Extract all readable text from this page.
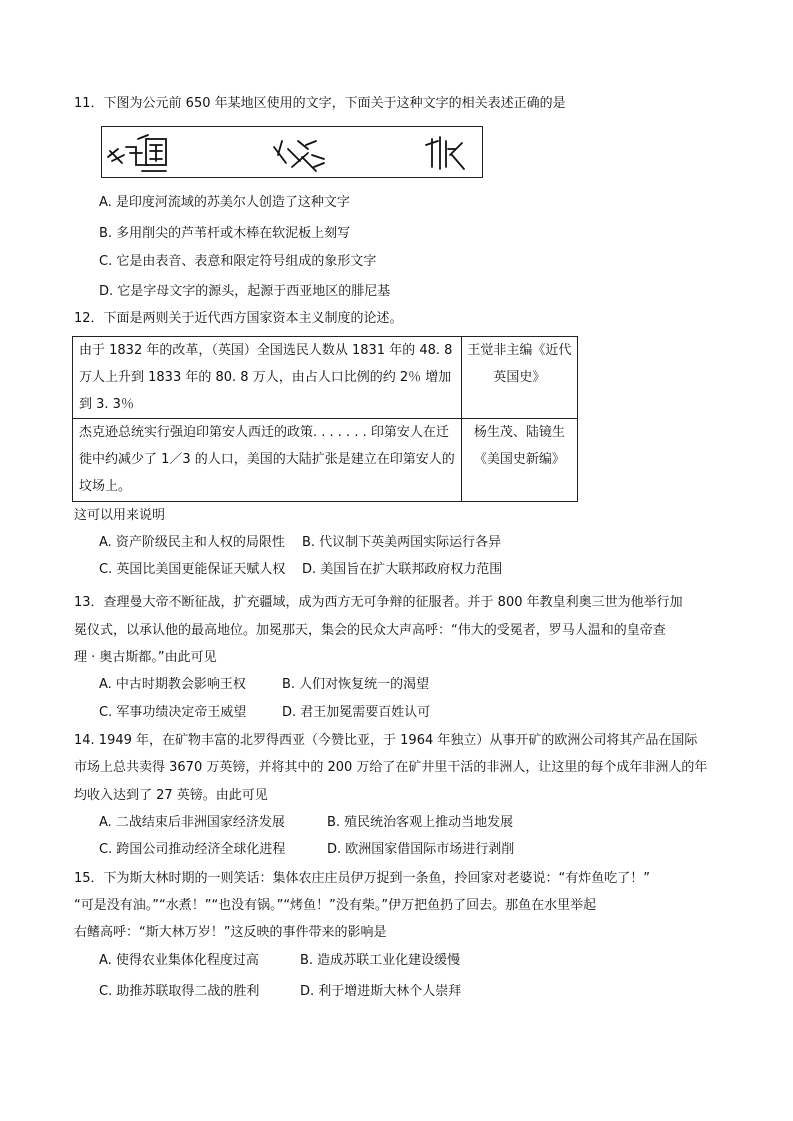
11．下图为公元前 650 年某地区使用的文字，下面关于这种文字的相关表述正确的是
A. 是印度河流域的苏美尔人创造了这种文字
B. 多用削尖的芦苇杆或木棒在软泥板上刻写
C. 它是由表音、表意和限定符号组成的象形文字
D. 它是字母文字的源头，起源于西亚地区的腓尼基
12．下面是两则关于近代西方国家资本主义制度的论述。
由于 1832 年的改革，（英国）全国选民人数从 1831 年的 48. 8 万人上升到 1833 年的 80. 8 万人，由占人口比例的约 2％ 增加到 3. 3％	王觉非主编《近代英国史》
杰克逊总统实行强迫印第安人西迁的政策. . . . . . . 印第安人在迁徙中约减少了 1／3 的人口，美国的大陆扩张是建立在印第安人的坟场上。	杨生茂、陆镜生《美国史新编》
这可以用来说明
A. 资产阶级民主和人权的局限性 B. 代议制下英美两国实际运行各异
C. 英国比美国更能保证天赋人权 D. 美国旨在扩大联邦政府权力范围
13．查理曼大帝不断征战，扩充疆域，成为西方无可争辩的征服者。并于 800 年教皇利奥三世为他举行加
冕仪式，以承认他的最高地位。加冕那天，集会的民众大声高呼：“伟大的受冕者，罗马人温和的皇帝查
理 · 奥古斯都。”由此可见
A. 中古时期教会影响王权	B. 人们对恢复统一的渴望
C. 军事功绩决定帝王威望	D. 君王加冕需要百姓认可
14. 1949 年，在矿物丰富的北罗得西亚（今赞比亚，于 1964 年独立）从事开矿的欧洲公司将其产品在国际
市场上总共卖得 3670 万英镑，并将其中的 200 万给了在矿井里干活的非洲人，让这里的每个成年非洲人的年
均收入达到了 27 英镑。由此可见
A. 二战结束后非洲国家经济发展	B. 殖民统治客观上推动当地发展
C. 跨国公司推动经济全球化进程	D. 欧洲国家借国际市场进行剥削
15．下为斯大林时期的一则笑话：集体农庄庄员伊万捉到一条鱼，拎回家对老婆说：“有炸鱼吃了！”
“可是没有油。”“水煮！”“也没有锅。”“烤鱼！”没有柴。”伊万把鱼扔了回去。那鱼在水里举起
右鳍高呼：“斯大林万岁！”这反映的事件带来的影响是
A. 使得农业集体化程度过高	B. 造成苏联工业化建设缓慢
C. 助推苏联取得二战的胜利	D. 利于增进斯大林个人崇拜
